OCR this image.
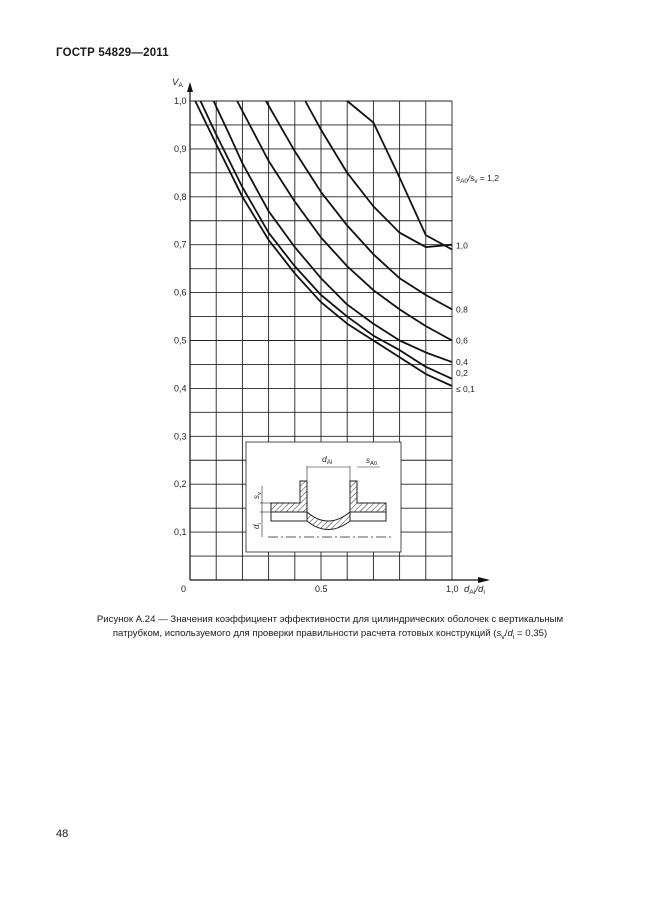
ГОСТР 54829—2011
$V_A$
$d_{Ai}/d_i$
1,0
0,9
0,8
0,7
0,6
0,5
0,4
0,3
0,2
0,1
0	0.5	1,0
$d_{Ai}$	$s_{A0}$
$s_v$
$d_i$
≤ 0,1
0,2
0,4
0,6
0,8
1,0
$s_{A0}/s_v = 1,2$
Рисунок А.24 — Значения коэффициент эффективности для цилиндрических оболочек с вертикальным
патрубком, используемого для проверки правильности расчета готовых конструкций $(s_v/d_i = 0,35)$
48
